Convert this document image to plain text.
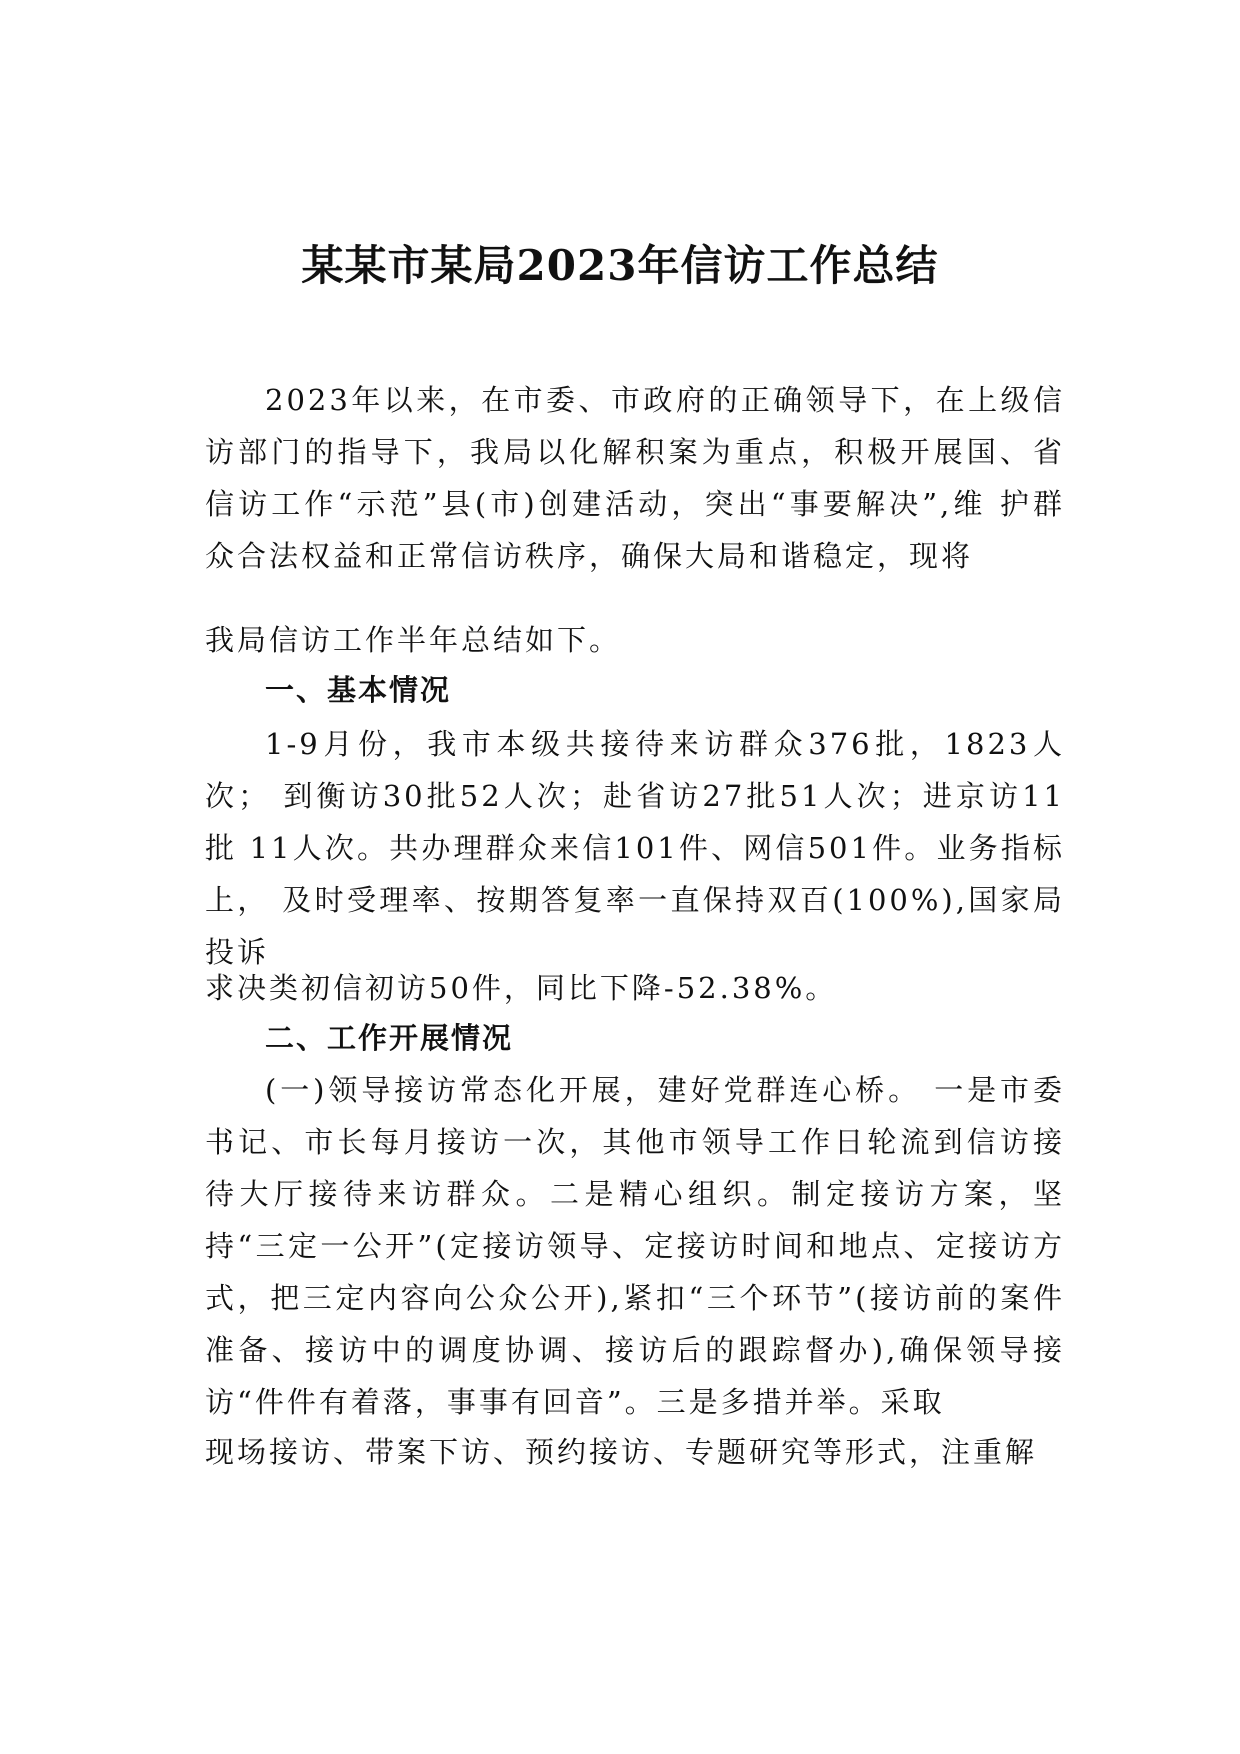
某某市某局2023年信访工作总结

2023年以来，在市委、市政府的正确领导下，在上级信 访部门的指导下，我局以化解积案为重点，积极开展国、省 信访工作“示范”县(市)创建活动，突出“事要解决”,维 护群众合法权益和正常信访秩序，确保大局和谐稳定，现将

我局信访工作半年总结如下。

一、基本情况

1-9月份，我市本级共接待来访群众376批，1823人次； 到衡访30批52人次；赴省访27批51人次；进京访11批 11人次。共办理群众来信101件、网信501件。业务指标上， 及时受理率、按期答复率一直保持双百(100%),国家局投诉

求决类初信初访50件，同比下降-52.38%。

二、工作开展情况

(一)领导接访常态化开展，建好党群连心桥。 一是市委书记、市长每月接访一次，其他市领导工作日轮流到信访接待大厅接待来访群众。二是精心组织。制定接访方案，坚持“三定一公开”(定接访领导、定接访时间和地点、定接访方式，把三定内容向公众公开),紧扣“三个环节”(接访前的案件准备、接访中的调度协调、接访后的跟踪督办),确保领导接访“件件有着落，事事有回音”。三是多措并举。采取

现场接访、带案下访、预约接访、专题研究等形式，注重解
